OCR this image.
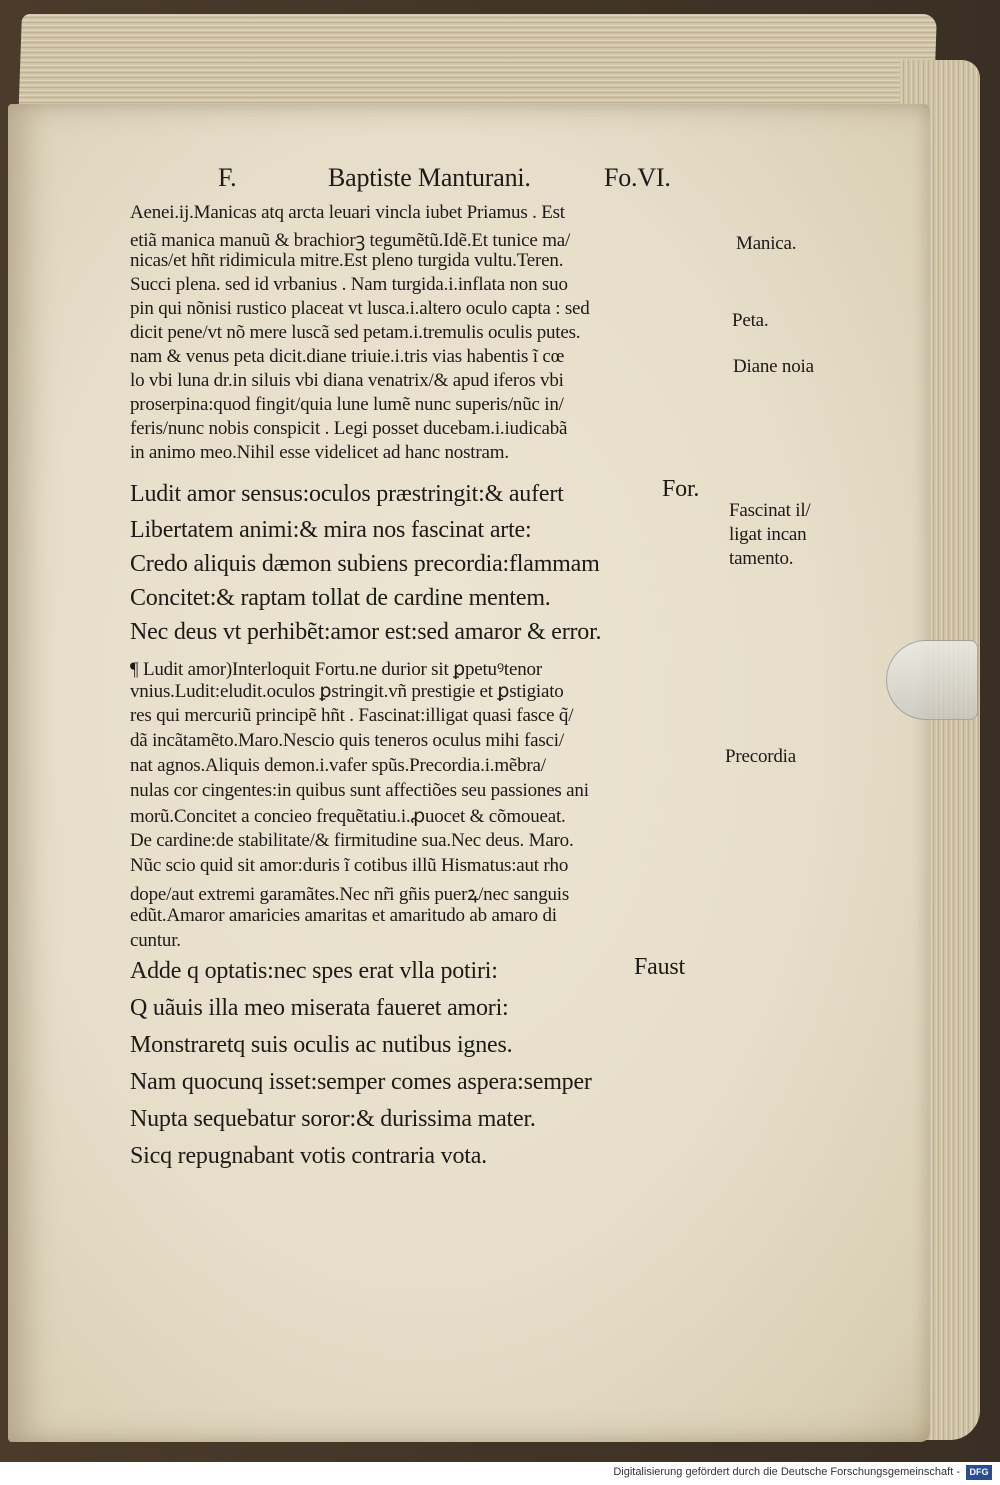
F.	Baptiste Manturani.	Fo.VI.
Aenei.ij.Manicas atq arcta leuari vincla iubet Priamus . Est
etiã manica manuũ & brachiorꝫ tegumẽtũ.Idẽ.Et tunice ma/
nicas/et hñt ridimicula mitre.Est pleno turgida vultu.Teren.
Succi plena. sed id vrbanius . Nam turgida.i.inflata non suo
pin qui nõnisi rustico placeat vt lusca.i.altero oculo capta : sed
dicit pene/vt nõ mere luscã sed petam.i.tremulis oculis putes.
nam & venus peta dicit.diane triuie.i.tris vias habentis ĩ cœ
lo vbi luna dr.in siluis vbi diana venatrix/& apud iferos vbi
proserpina:quod fingit/quia lune lumẽ nunc superis/nũc in/
feris/nunc nobis conspicit . Legi posset ducebam.i.iudicabã
in animo meo.Nihil esse videlicet ad hanc nostram.
Ludit amor sensus:oculos præstringit:& aufert
Libertatem animi:& mira nos fascinat arte:
Credo aliquis dæmon subiens precordia:flammam
Concitet:& raptam tollat de cardine mentem.
Nec deus vt perhibẽt:amor est:sed amaror & error.
For.
¶ Ludit amor)Interloquit Fortu.ne durior sit ꝑpetuꝰtenor
vnius.Ludit:eludit.oculos ꝑstringit.vñ prestigie et ꝑstigiato
res qui mercuriũ principẽ hñt . Fascinat:illigat quasi fasce q̃/
dã incãtamẽto.Maro.Nescio quis teneros oculus mihi fasci/
nat agnos.Aliquis demon.i.vafer spũs.Precordia.i.mẽbra/
nulas cor cingentes:in quibus sunt affectiões seu passiones ani
morũ.Concitet a concieo frequẽtatiu.i.ꝓuocet & cõmoueat.
De cardine:de stabilitate/& firmitudine sua.Nec deus. Maro.
Nũc scio quid sit amor:duris ĩ cotibus illũ Hismatus:aut rho
dope/aut extremi garamãtes.Nec nr̃i gñis puerꝝ/nec sanguis
edũt.Amaror amaricies amaritas et amaritudo ab amaro di
cuntur.
Adde q optatis:nec spes erat vlla potiri:
Q uãuis illa meo miserata faueret amori:
Monstraretq suis oculis ac nutibus ignes.
Nam quocunq isset:semper comes aspera:semper
Nupta sequebatur soror:& durissima mater.
Sicq repugnabant votis contraria vota.
Faust
Manica.
Peta.
Diane noia
Fascinat il/
ligat incan
tamento.
Precordia
Digitalisierung gefördert durch die Deutsche Forschungsgemeinschaft -	DFG
